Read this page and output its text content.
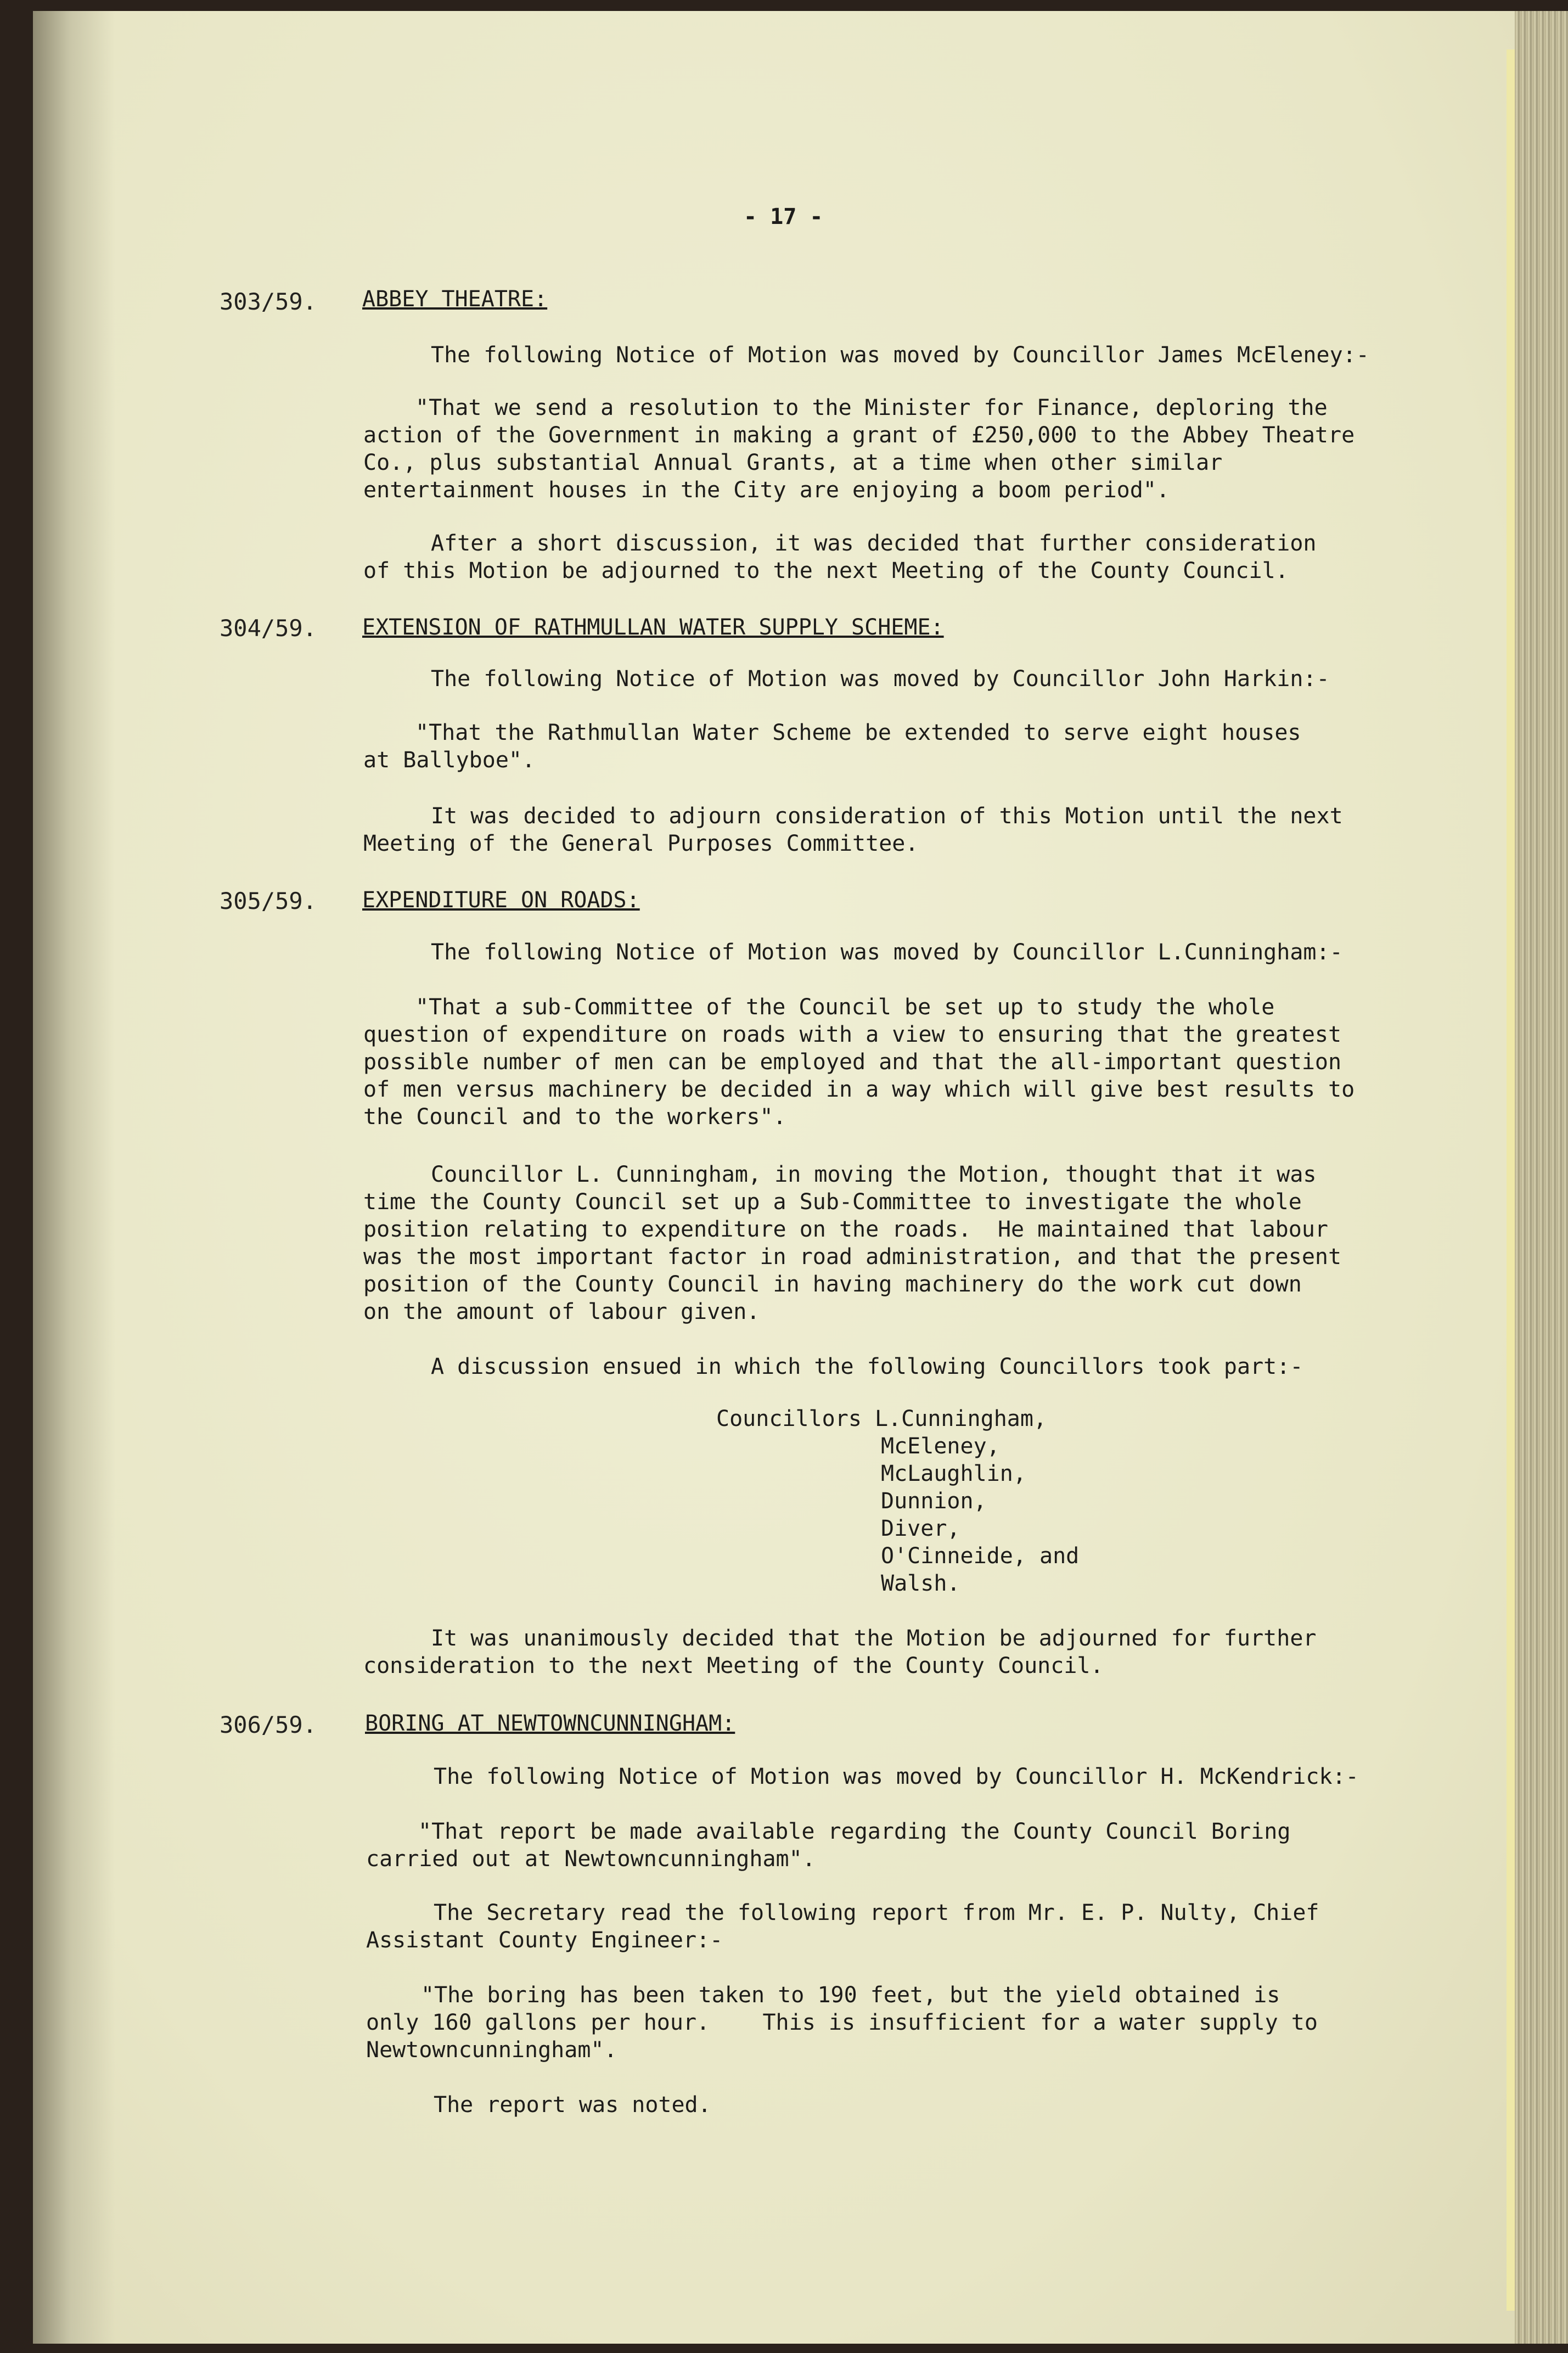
- 17 -
303/59. ABBEY THEATRE:
The following Notice of Motion was moved by Councillor James McEleney:-
"That we send a resolution to the Minister for Finance, deploring the
action of the Government in making a grant of £250,000 to the Abbey Theatre
Co., plus substantial Annual Grants, at a time when other similar
entertainment houses in the City are enjoying a boom period".
After a short discussion, it was decided that further consideration
of this Motion be adjourned to the next Meeting of the County Council.
304/59. EXTENSION OF RATHMULLAN WATER SUPPLY SCHEME:
The following Notice of Motion was moved by Councillor John Harkin:-
"That the Rathmullan Water Scheme be extended to serve eight houses
at Ballyboe".
It was decided to adjourn consideration of this Motion until the next
Meeting of the General Purposes Committee.
305/59. EXPENDITURE ON ROADS:
The following Notice of Motion was moved by Councillor L.Cunningham:-
"That a sub-Committee of the Council be set up to study the whole
question of expenditure on roads with a view to ensuring that the greatest
possible number of men can be employed and that the all-important question
of men versus machinery be decided in a way which will give best results to
the Council and to the workers".
Councillor L. Cunningham, in moving the Motion, thought that it was
time the County Council set up a Sub-Committee to investigate the whole
position relating to expenditure on the roads.  He maintained that labour
was the most important factor in road administration, and that the present
position of the County Council in having machinery do the work cut down
on the amount of labour given.
A discussion ensued in which the following Councillors took part:-
Councillors L.Cunningham,
McEleney,
McLaughlin,
Dunnion,
Diver,
O'Cinneide, and
Walsh.
It was unanimously decided that the Motion be adjourned for further
consideration to the next Meeting of the County Council.
306/59. BORING AT NEWTOWNCUNNINGHAM:
The following Notice of Motion was moved by Councillor H. McKendrick:-
"That report be made available regarding the County Council Boring
carried out at Newtowncunningham".
The Secretary read the following report from Mr. E. P. Nulty, Chief
Assistant County Engineer:-
"The boring has been taken to 190 feet, but the yield obtained is
only 160 gallons per hour.    This is insufficient for a water supply to
Newtowncunningham".
The report was noted.
